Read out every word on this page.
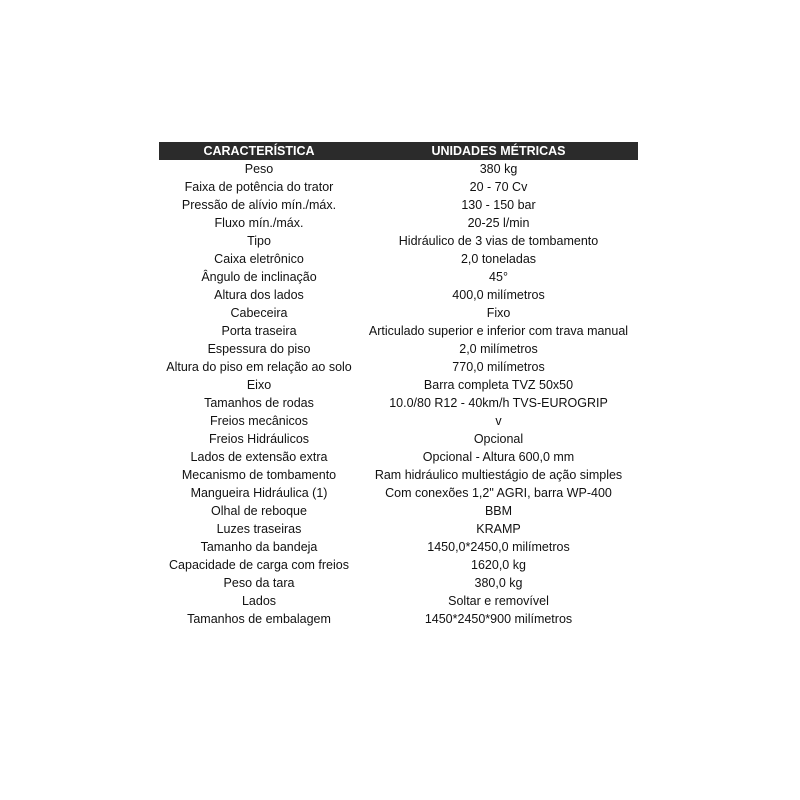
CARACTERÍSTICA	UNIDADES MÉTRICAS
Peso	380 kg
Faixa de potência do trator	20 - 70 Cv
Pressão de alívio mín./máx.	130 - 150 bar
Fluxo mín./máx.	20-25 l/min
Tipo	Hidráulico de 3 vias de tombamento
Caixa eletrônico	2,0 toneladas
Ângulo de inclinação	45°
Altura dos lados	400,0 milímetros
Cabeceira	Fixo
Porta traseira	Articulado superior e inferior com trava manual
Espessura do piso	2,0 milímetros
Altura do piso em relação ao solo	770,0 milímetros
Eixo	Barra completa TVZ 50x50
Tamanhos de rodas	10.0/80 R12 - 40km/h TVS-EUROGRIP
Freios mecânicos	v
Freios Hidráulicos	Opcional
Lados de extensão extra	Opcional - Altura 600,0 mm
Mecanismo de tombamento	Ram hidráulico multiestágio de ação simples
Mangueira Hidráulica (1)	Com conexões 1,2" AGRI, barra WP-400
Olhal de reboque	BBM
Luzes traseiras	KRAMP
Tamanho da bandeja	1450,0*2450,0 milímetros
Capacidade de carga com freios	1620,0 kg
Peso da tara	380,0 kg
Lados	Soltar e removível
Tamanhos de embalagem	1450*2450*900 milímetros
